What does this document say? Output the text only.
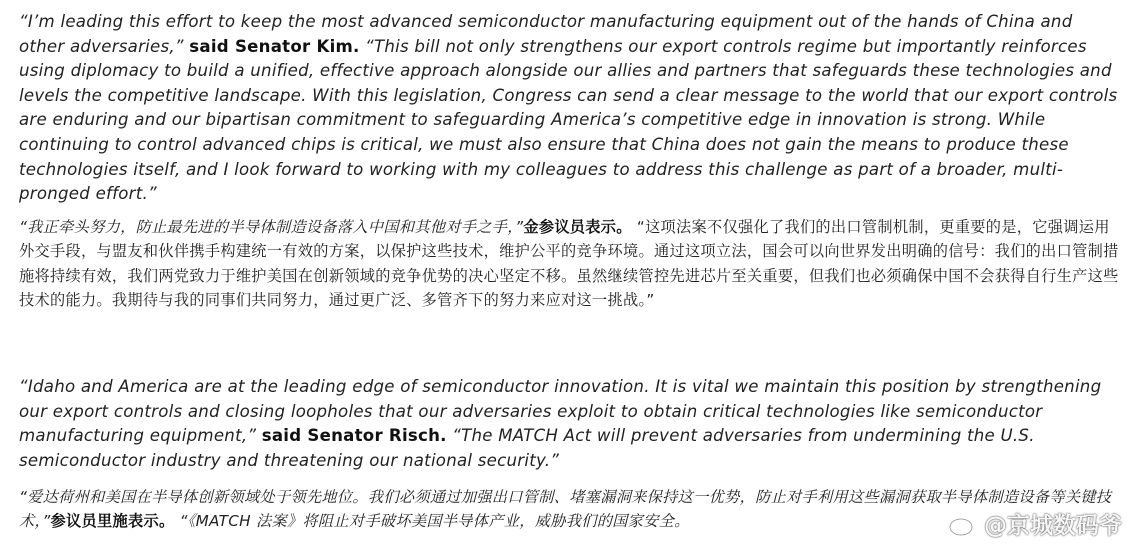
“I’m leading this effort to keep the most advanced semiconductor manufacturing equipment out of the hands of China and other adversaries,” said Senator Kim. “This bill not only strengthens our export controls regime but importantly reinforces using diplomacy to build a unified, effective approach alongside our allies and partners that safeguards these technologies and levels the competitive landscape. With this legislation, Congress can send a clear message to the world that our export controls are enduring and our bipartisan commitment to safeguarding America’s competitive edge in innovation is strong. While continuing to control advanced chips is critical, we must also ensure that China does not gain the means to produce these technologies itself, and I look forward to working with my colleagues to address this challenge as part of a broader, multi-pronged effort.”

“我正牵头努力，防止最先进的半导体制造设备落入中国和其他对手之手，”金参议员表示。 “这项法案不仅强化了我们的出口管制机制，更重要的是，它强调运用外交手段，与盟友和伙伴携手构建统一有效的方案，以保护这些技术，维护公平的竞争环境。通过这项立法，国会可以向世界发出明确的信号：我们的出口管制措施将持续有效，我们两党致力于维护美国在创新领域的竞争优势的决心坚定不移。虽然继续管控先进芯片至关重要，但我们也必须确保中国不会获得自行生产这些技术的能力。我期待与我的同事们共同努力，通过更广泛、多管齐下的努力来应对这一挑战。”

“Idaho and America are at the leading edge of semiconductor innovation. It is vital we maintain this position by strengthening our export controls and closing loopholes that our adversaries exploit to obtain critical technologies like semiconductor manufacturing equipment,” said Senator Risch. “The MATCH Act will prevent adversaries from undermining the U.S. semiconductor industry and threatening our national security.”

“爱达荷州和美国在半导体创新领域处于领先地位。我们必须通过加强出口管制、堵塞漏洞来保持这一优势，防止对手利用这些漏洞获取半导体制造设备等关键技术，”参议员里施表示。 “《MATCH 法案》将阻止对手破坏美国半导体产业，威胁我们的国家安全。	@京城数码爷
